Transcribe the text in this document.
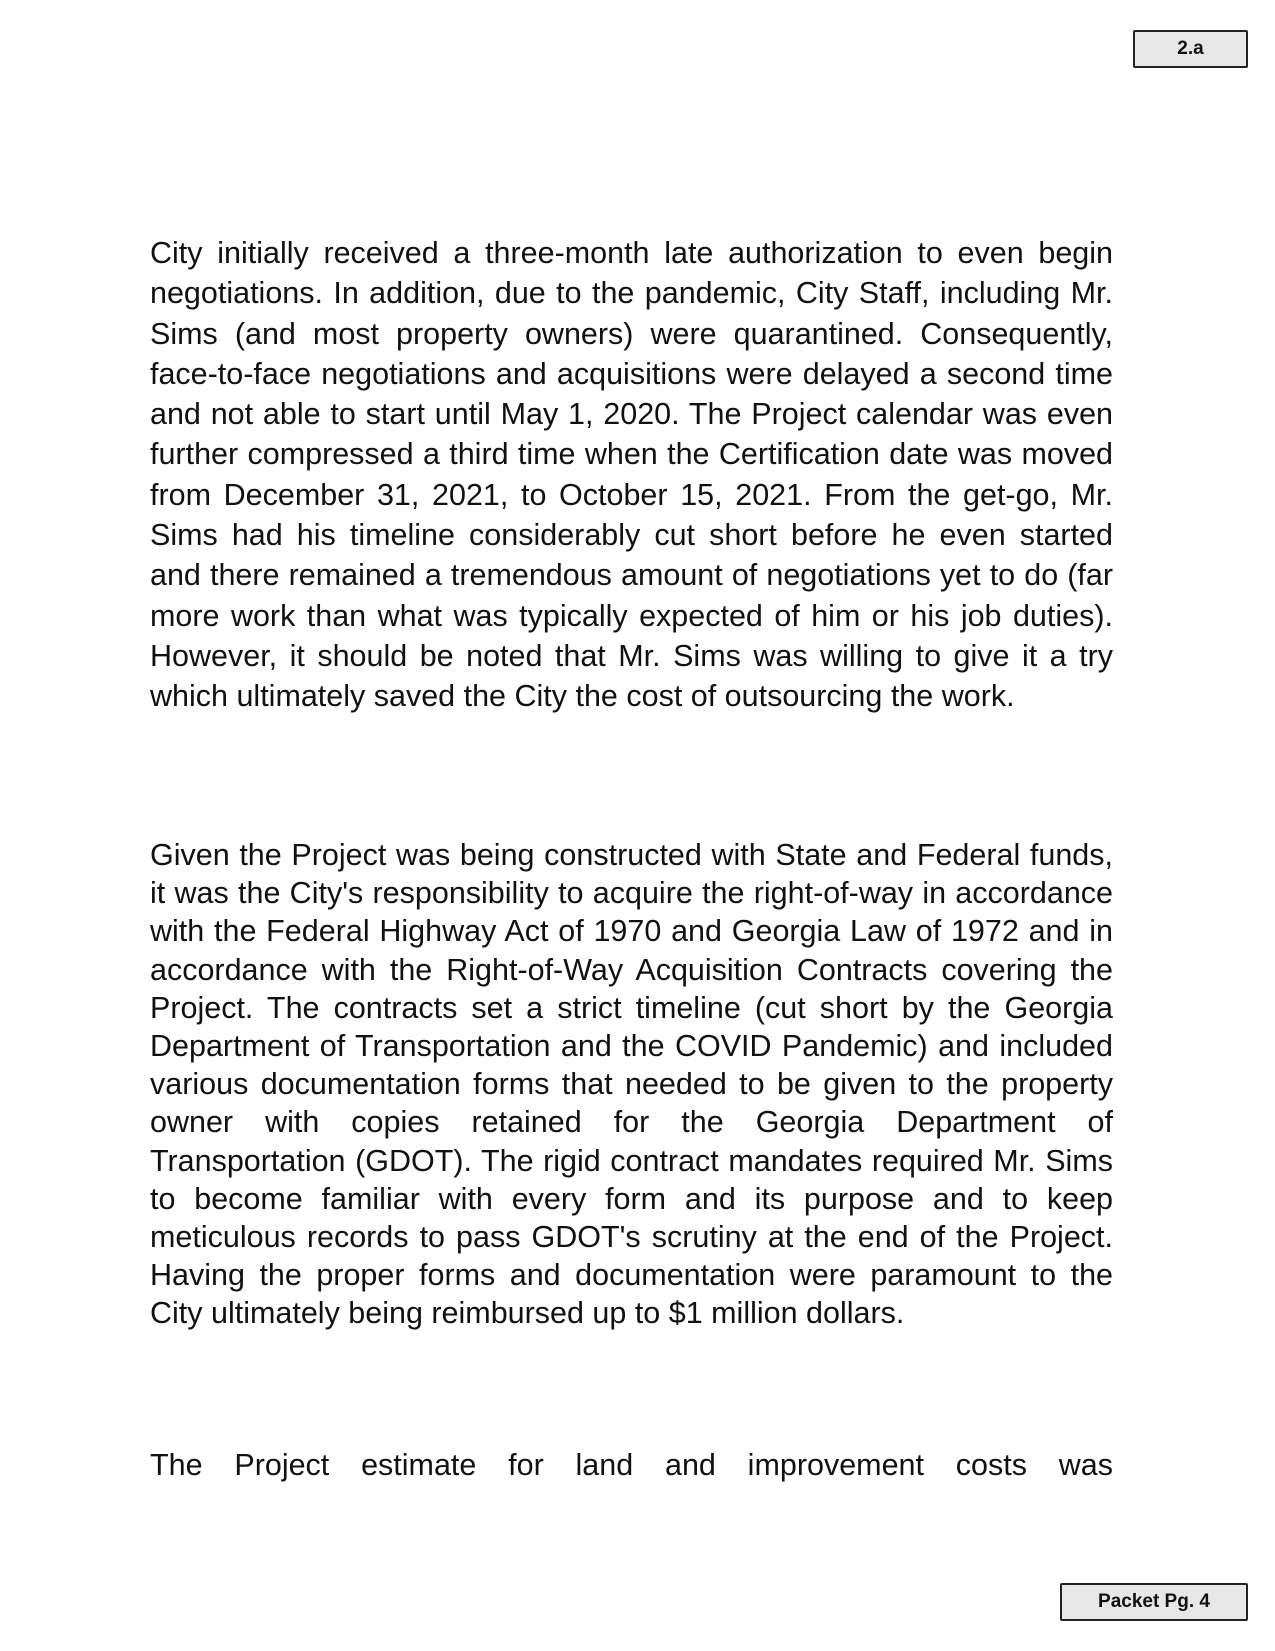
2.a

City initially received a three-month late authorization to even begin negotiations. In addition, due to the pandemic, City Staff, including Mr. Sims (and most property owners) were quarantined. Consequently, face-to-face negotiations and acquisitions were delayed a second time and not able to start until May 1, 2020. The Project calendar was even further compressed a third time when the Certification date was moved from December 31, 2021, to October 15, 2021. From the get-go, Mr. Sims had his timeline considerably cut short before he even started and there remained a tremendous amount of negotiations yet to do (far more work than what was typically expected of him or his job duties). However, it should be noted that Mr. Sims was willing to give it a try which ultimately saved the City the cost of outsourcing the work.

Given the Project was being constructed with State and Federal funds, it was the City's responsibility to acquire the right-of-way in accordance with the Federal Highway Act of 1970 and Georgia Law of 1972 and in accordance with the Right-of-Way Acquisition Contracts covering the Project. The contracts set a strict timeline (cut short by the Georgia Department of Transportation and the COVID Pandemic) and included various documentation forms that needed to be given to the property owner with copies retained for the Georgia Department of Transportation (GDOT). The rigid contract mandates required Mr. Sims to become familiar with every form and its purpose and to keep meticulous records to pass GDOT's scrutiny at the end of the Project. Having the proper forms and documentation were paramount to the City ultimately being reimbursed up to $1 million dollars.

The Project estimate for land and improvement costs was

Packet Pg. 4
